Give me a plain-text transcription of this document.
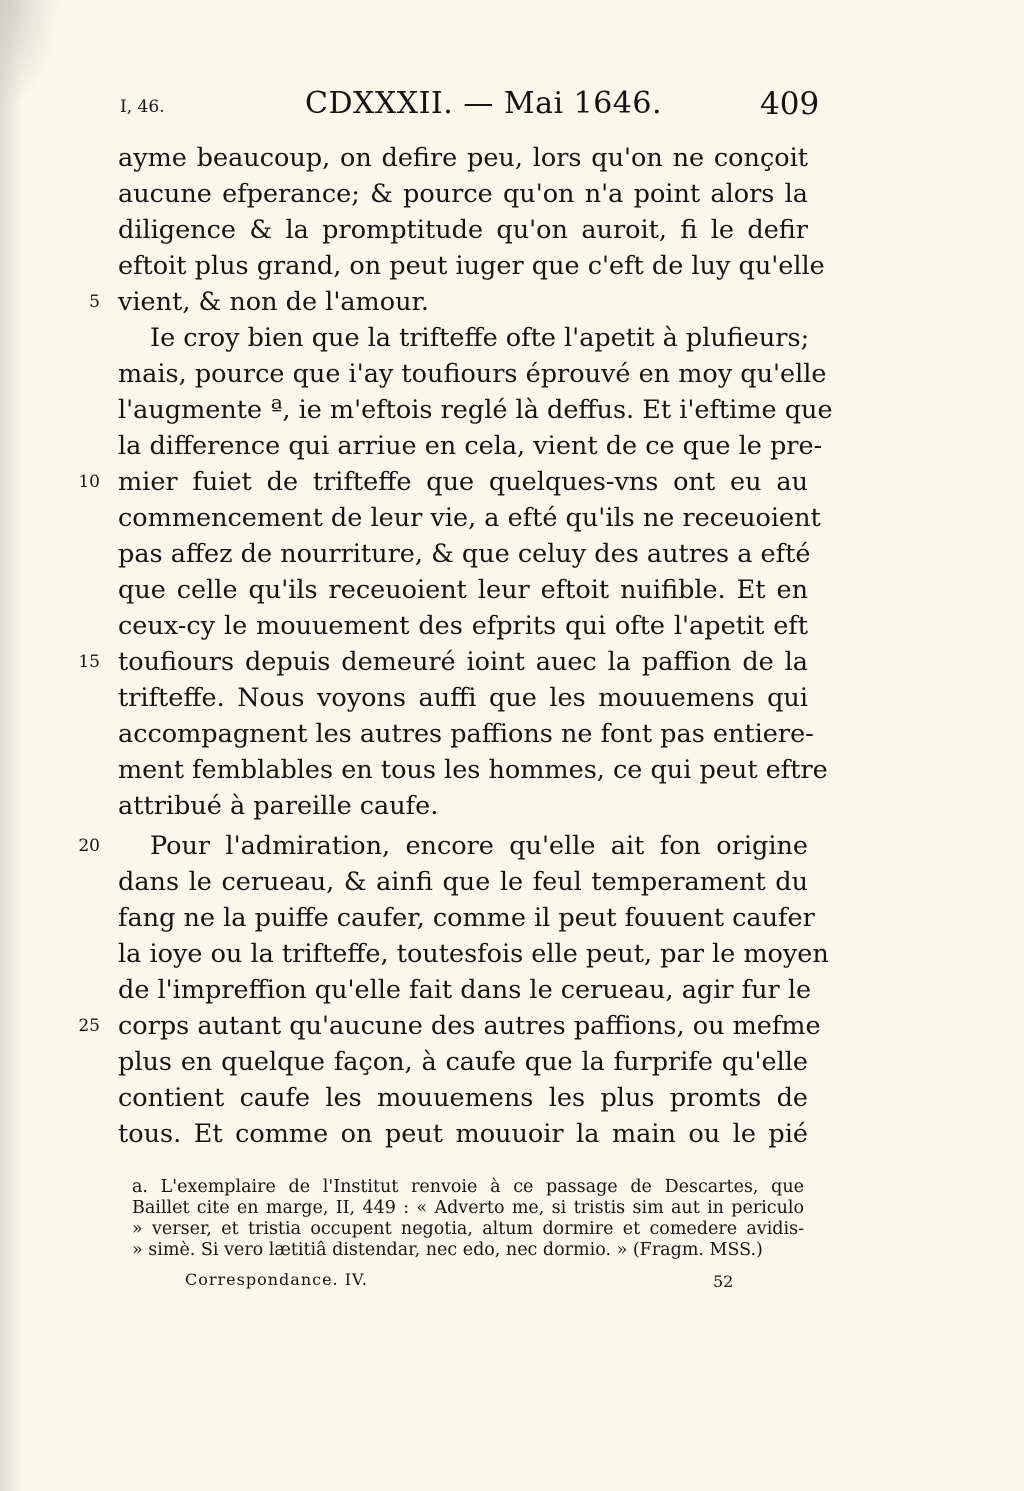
I, 46.	CDXXXII. — Mai 1646.	409
ayme beaucoup, on defire peu, lors qu'on ne conçoit
aucune efperance; & pource qu'on n'a point alors la
diligence & la promptitude qu'on auroit, fi le defir
eftoit plus grand, on peut iuger que c'eft de luy qu'elle
5 vient, & non de l'amour.
Ie croy bien que la trifteffe ofte l'apetit à plufieurs;
mais, pource que i'ay toufiours éprouvé en moy qu'elle
l'augmente ª, ie m'eftois reglé là deffus. Et i'eftime que
la difference qui arriue en cela, vient de ce que le pre-
10 mier fuiet de trifteffe que quelques-vns ont eu au
commencement de leur vie, a efté qu'ils ne receuoient
pas affez de nourriture, & que celuy des autres a efté
que celle qu'ils receuoient leur eftoit nuifible. Et en
ceux-cy le mouuement des efprits qui ofte l'apetit eft
15 toufiours depuis demeuré ioint auec la paffion de la
trifteffe. Nous voyons auffi que les mouuemens qui
accompagnent les autres paffions ne font pas entiere-
ment femblables en tous les hommes, ce qui peut eftre
attribué à pareille caufe.
20 Pour l'admiration, encore qu'elle ait fon origine
dans le cerueau, & ainfi que le feul temperament du
fang ne la puiffe caufer, comme il peut fouuent caufer
la ioye ou la trifteffe, toutesfois elle peut, par le moyen
de l'impreffion qu'elle fait dans le cerueau, agir fur le
25 corps autant qu'aucune des autres paffions, ou mefme
plus en quelque façon, à caufe que la furprife qu'elle
contient caufe les mouuemens les plus promts de
tous. Et comme on peut mouuoir la main ou le pié
a. L'exemplaire de l'Institut renvoie à ce passage de Descartes, que
Baillet cite en marge, II, 449 : « Adverto me, si tristis sim aut in periculo
» verser, et tristia occupent negotia, altum dormire et comedere avidis-
» simè. Si vero lætitiâ distendar, nec edo, nec dormio. » (Fragm. MSS.)
Correspondance. IV.	52
